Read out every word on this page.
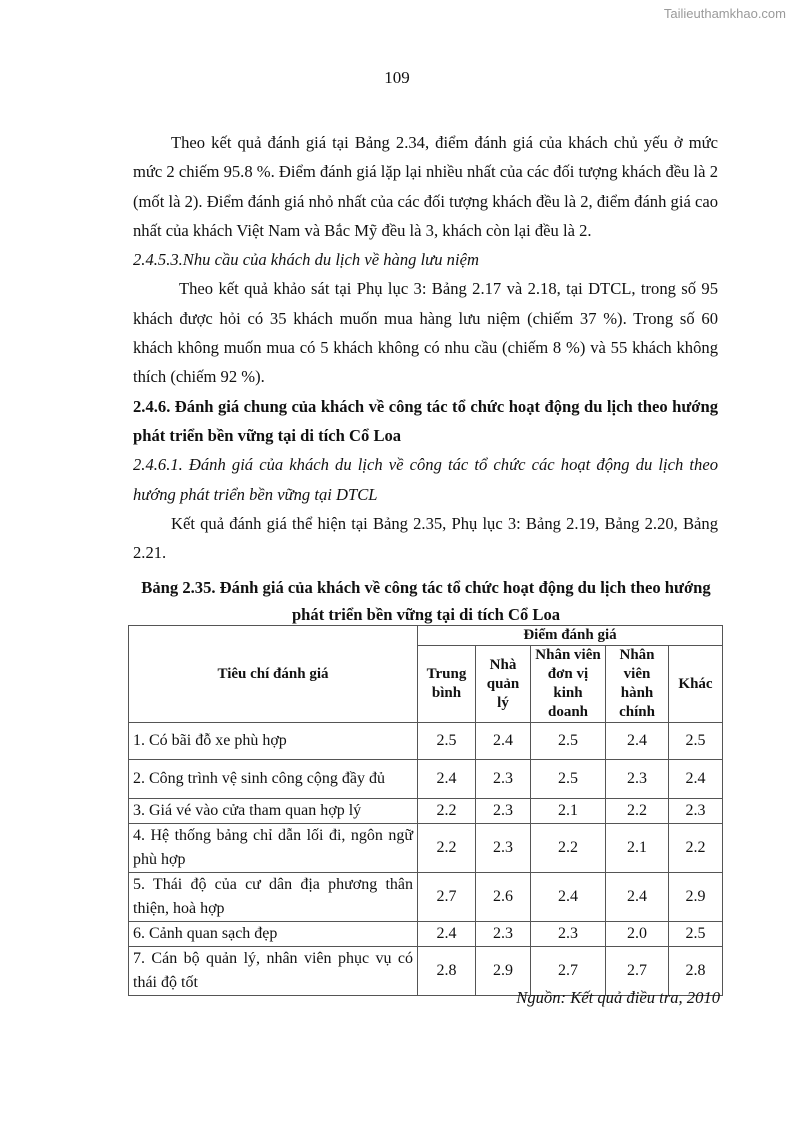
Tailieuthamkhao.com
109

Theo kết quả đánh giá tại Bảng 2.34, điểm đánh giá của khách chủ yếu ở mức mức 2 chiếm 95.8 %. Điểm đánh giá lặp lại nhiều nhất của các đối tượng khách đều là 2 (mốt là 2). Điểm đánh giá nhỏ nhất của các đối tượng khách đều là 2, điểm đánh giá cao nhất của khách Việt Nam và Bắc Mỹ đều là 3, khách còn lại đều là 2.

2.4.5.3.Nhu cầu của khách du lịch về hàng lưu niệm

Theo kết quả khảo sát tại Phụ lục 3: Bảng 2.17 và 2.18, tại DTCL, trong số 95 khách được hỏi có 35 khách muốn mua hàng lưu niệm (chiếm 37 %). Trong số 60 khách không muốn mua có 5 khách không có nhu cầu (chiếm 8 %) và 55 khách không thích (chiếm 92 %).

2.4.6. Đánh giá chung của khách về công tác tổ chức hoạt động du lịch theo hướng phát triển bền vững tại di tích Cổ Loa

2.4.6.1. Đánh giá của khách du lịch về công tác tổ chức các hoạt động du lịch theo hướng phát triển bền vững tại DTCL

Kết quả đánh giá thể hiện tại Bảng 2.35, Phụ lục 3: Bảng 2.19, Bảng 2.20, Bảng 2.21.

Bảng 2.35. Đánh giá của khách về công tác tổ chức hoạt động du lịch theo hướng phát triển bền vững tại di tích Cổ Loa
Tiêu chí đánh giá	Điểm đánh giá				
	Trung bình	Nhà quản lý	Nhân viên đơn vị kinh doanh	Nhân viên hành chính	Khác
1. Có bãi đỗ xe phù hợp	2.5	2.4	2.5	2.4	2.5
2. Công trình vệ sinh công cộng đầy đủ	2.4	2.3	2.5	2.3	2.4
3. Giá vé vào cửa tham quan hợp lý	2.2	2.3	2.1	2.2	2.3
4. Hệ thống bảng chỉ dẫn lối đi, ngôn ngữ phù hợp	2.2	2.3	2.2	2.1	2.2
5. Thái độ của cư dân địa phương thân thiện, hoà hợp	2.7	2.6	2.4	2.4	2.9
6. Cảnh quan sạch đẹp	2.4	2.3	2.3	2.0	2.5
7. Cán bộ quản lý, nhân viên phục vụ có thái độ tốt	2.8	2.9	2.7	2.7	2.8
Nguồn: Kết quả điều tra, 2010
